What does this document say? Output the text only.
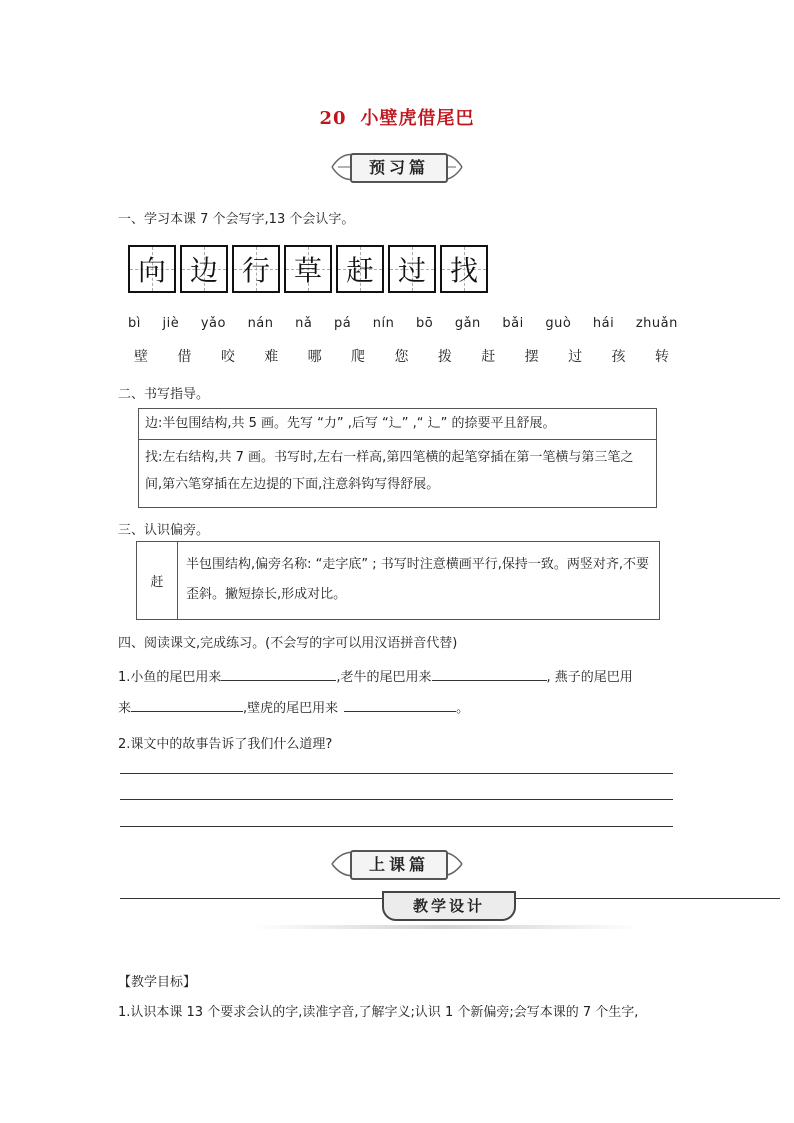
20 小壁虎借尾巴
预习篇
一、学习本课 7 个会写字,13 个会认字。
向 边 行 草 赶 过 找
bì jiè yǎo nán nǎ pá nín bō gǎn bǎi guò hái zhuǎn
壁 借 咬 难 哪 爬 您 拨 赶 摆 过 孩 转
二、书写指导。
边:半包围结构,共 5 画。先写 “力” ,后写 “辶” ,“ 辶” 的捺要平且舒展。
找:左右结构,共 7 画。书写时,左右一样高,第四笔横的起笔穿插在第一笔横与第三笔之间,第六笔穿插在左边提的下面,注意斜钩写得舒展。
三、认识偏旁。
赶
半包围结构,偏旁名称: “走字底” ; 书写时注意横画平行,保持一致。两竖对齐,不要歪斜。撇短捺长,形成对比。
四、阅读课文,完成练习。(不会写的字可以用汉语拼音代替)
1.小鱼的尾巴用来	,老牛的尾巴用来	, 燕子的尾巴用
来	,壁虎的尾巴用来	。
2.课文中的故事告诉了我们什么道理?
上课篇
教学设计
【教学目标】
1.认识本课 13 个要求会认的字,读准字音,了解字义;认识 1 个新偏旁;会写本课的 7 个生字,
